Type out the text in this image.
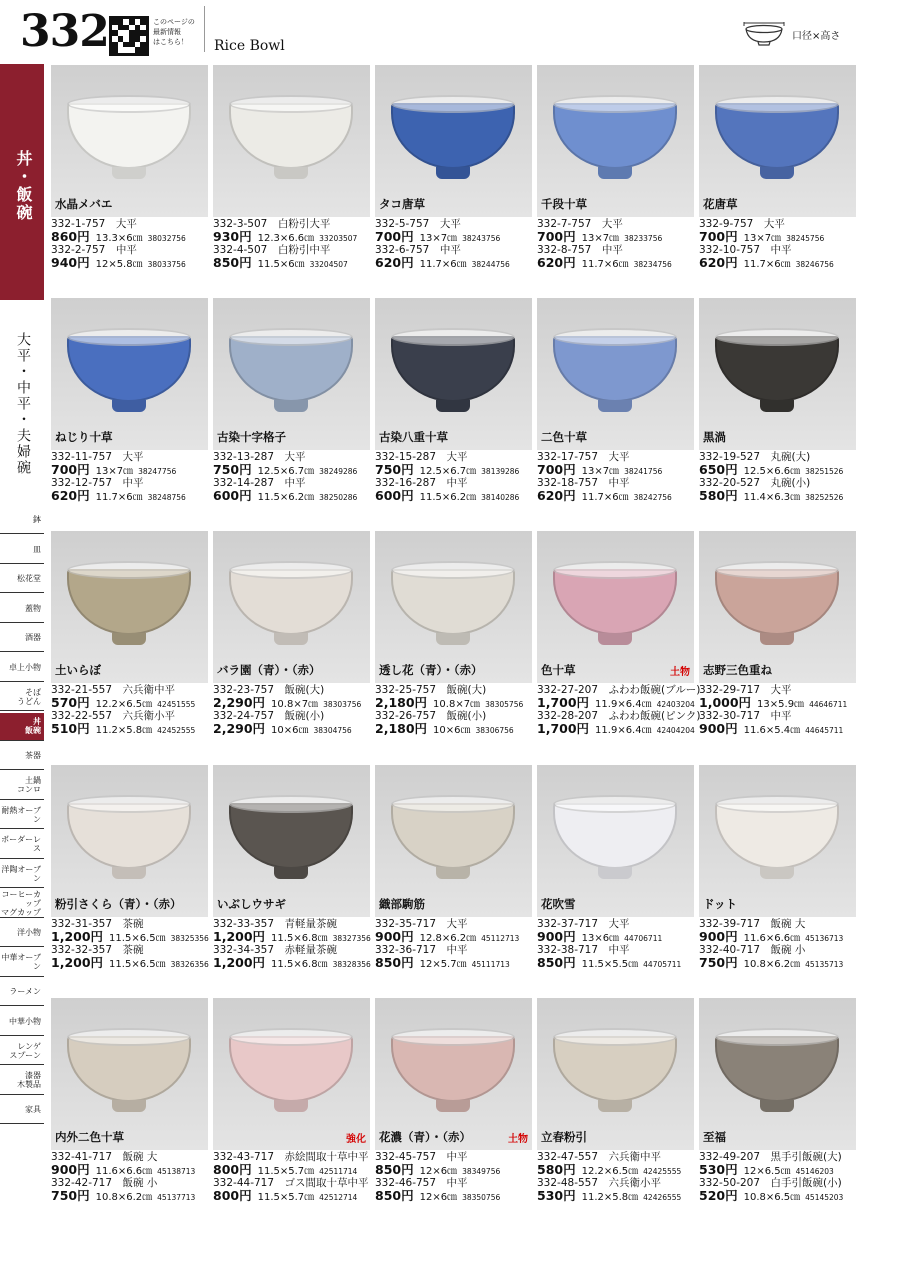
332	このページの
最新情報
はこちら！	Rice Bowl
口径×高さ
丼・飯碗
大平・中平・夫婦碗
鉢
皿
松花堂
蓋物
酒器
卓上小物
そば
うどん
丼
飯碗
茶器
土鍋
コンロ
耐熱オーブン
ボーダーレス
洋陶オーブン
コーヒーカップ
マグカップ
洋小物
中華オーブン
ラーメン
中華小物
レンゲ
スプーン
漆器
木製品
家具
水晶メバエ
332-1-757　大平
860円 13.3×6㎝ 38032756
332-2-757　中平
940円 12×5.8㎝ 38033756
332-3-507　白粉引大平
930円 12.3×6.6㎝ 33203507
332-4-507　白粉引中平
850円 11.5×6㎝ 33204507
タコ唐草
332-5-757　大平
700円 13×7㎝ 38243756
332-6-757　中平
620円 11.7×6㎝ 38244756
千段十草
332-7-757　大平
700円 13×7㎝ 38233756
332-8-757　中平
620円 11.7×6㎝ 38234756
花唐草
332-9-757　大平
700円 13×7㎝ 38245756
332-10-757　中平
620円 11.7×6㎝ 38246756
ねじり十草
332-11-757　大平
700円 13×7㎝ 38247756
332-12-757　中平
620円 11.7×6㎝ 38248756
古染十字格子
332-13-287　大平
750円 12.5×6.7㎝ 38249286
332-14-287　中平
600円 11.5×6.2㎝ 38250286
古染八重十草
332-15-287　大平
750円 12.5×6.7㎝ 38139286
332-16-287　中平
600円 11.5×6.2㎝ 38140286
二色十草
332-17-757　大平
700円 13×7㎝ 38241756
332-18-757　中平
620円 11.7×6㎝ 38242756
黒渦
332-19-527　丸碗(大)
650円 12.5×6.6㎝ 38251526
332-20-527　丸碗(小)
580円 11.4×6.3㎝ 38252526
土いらぼ
332-21-557　六兵衛中平
570円 12.2×6.5㎝ 42451555
332-22-557　六兵衛小平
510円 11.2×5.8㎝ 42452555
バラ園（青）・（赤）
332-23-757　飯碗(大)
2,290円 10.8×7㎝ 38303756
332-24-757　飯碗(小)
2,290円 10×6㎝ 38304756
透し花（青）・（赤）
332-25-757　飯碗(大)
2,180円 10.8×7㎝ 38305756
332-26-757　飯碗(小)
2,180円 10×6㎝ 38306756
色十草	土物
332-27-207　ふわわ飯碗(ブルー)
1,700円 11.9×6.4㎝ 42403204
332-28-207　ふわわ飯碗(ピンク)
1,700円 11.9×6.4㎝ 42404204
志野三色重ね
332-29-717　大平
1,000円 13×5.9㎝ 44646711
332-30-717　中平
900円 11.6×5.4㎝ 44645711
粉引さくら（青）・（赤）
332-31-357　茶碗
1,200円 11.5×6.5㎝ 38325356
332-32-357　茶碗
1,200円 11.5×6.5㎝ 38326356
いぶしウサギ
332-33-357　青軽量茶碗
1,200円 11.5×6.8㎝ 38327356
332-34-357　赤軽量茶碗
1,200円 11.5×6.8㎝ 38328356
織部駒筋
332-35-717　大平
900円 12.8×6.2㎝ 45112713
332-36-717　中平
850円 12×5.7㎝ 45111713
花吹雪
332-37-717　大平
900円 13×6㎝ 44706711
332-38-717　中平
850円 11.5×5.5㎝ 44705711
ドット
332-39-717　飯碗 大
900円 11.6×6.6㎝ 45136713
332-40-717　飯碗 小
750円 10.8×6.2㎝ 45135713
内外二色十草
332-41-717　飯碗 大
900円 11.6×6.6㎝ 45138713
332-42-717　飯碗 小
750円 10.8×6.2㎝ 45137713
強化
332-43-717　赤絵間取十草中平
800円 11.5×5.7㎝ 42511714
332-44-717　ゴス間取十草中平
800円 11.5×5.7㎝ 42512714
花濃（青）・（赤）	土物
332-45-757　中平
850円 12×6㎝ 38349756
332-46-757　中平
850円 12×6㎝ 38350756
立春粉引
332-47-557　六兵衛中平
580円 12.2×6.5㎝ 42425555
332-48-557　六兵衛小平
530円 11.2×5.8㎝ 42426555
至福
332-49-207　黒手引飯碗(大)
530円 12×6.5㎝ 45146203
332-50-207　白手引飯碗(小)
520円 10.8×6.5㎝ 45145203
